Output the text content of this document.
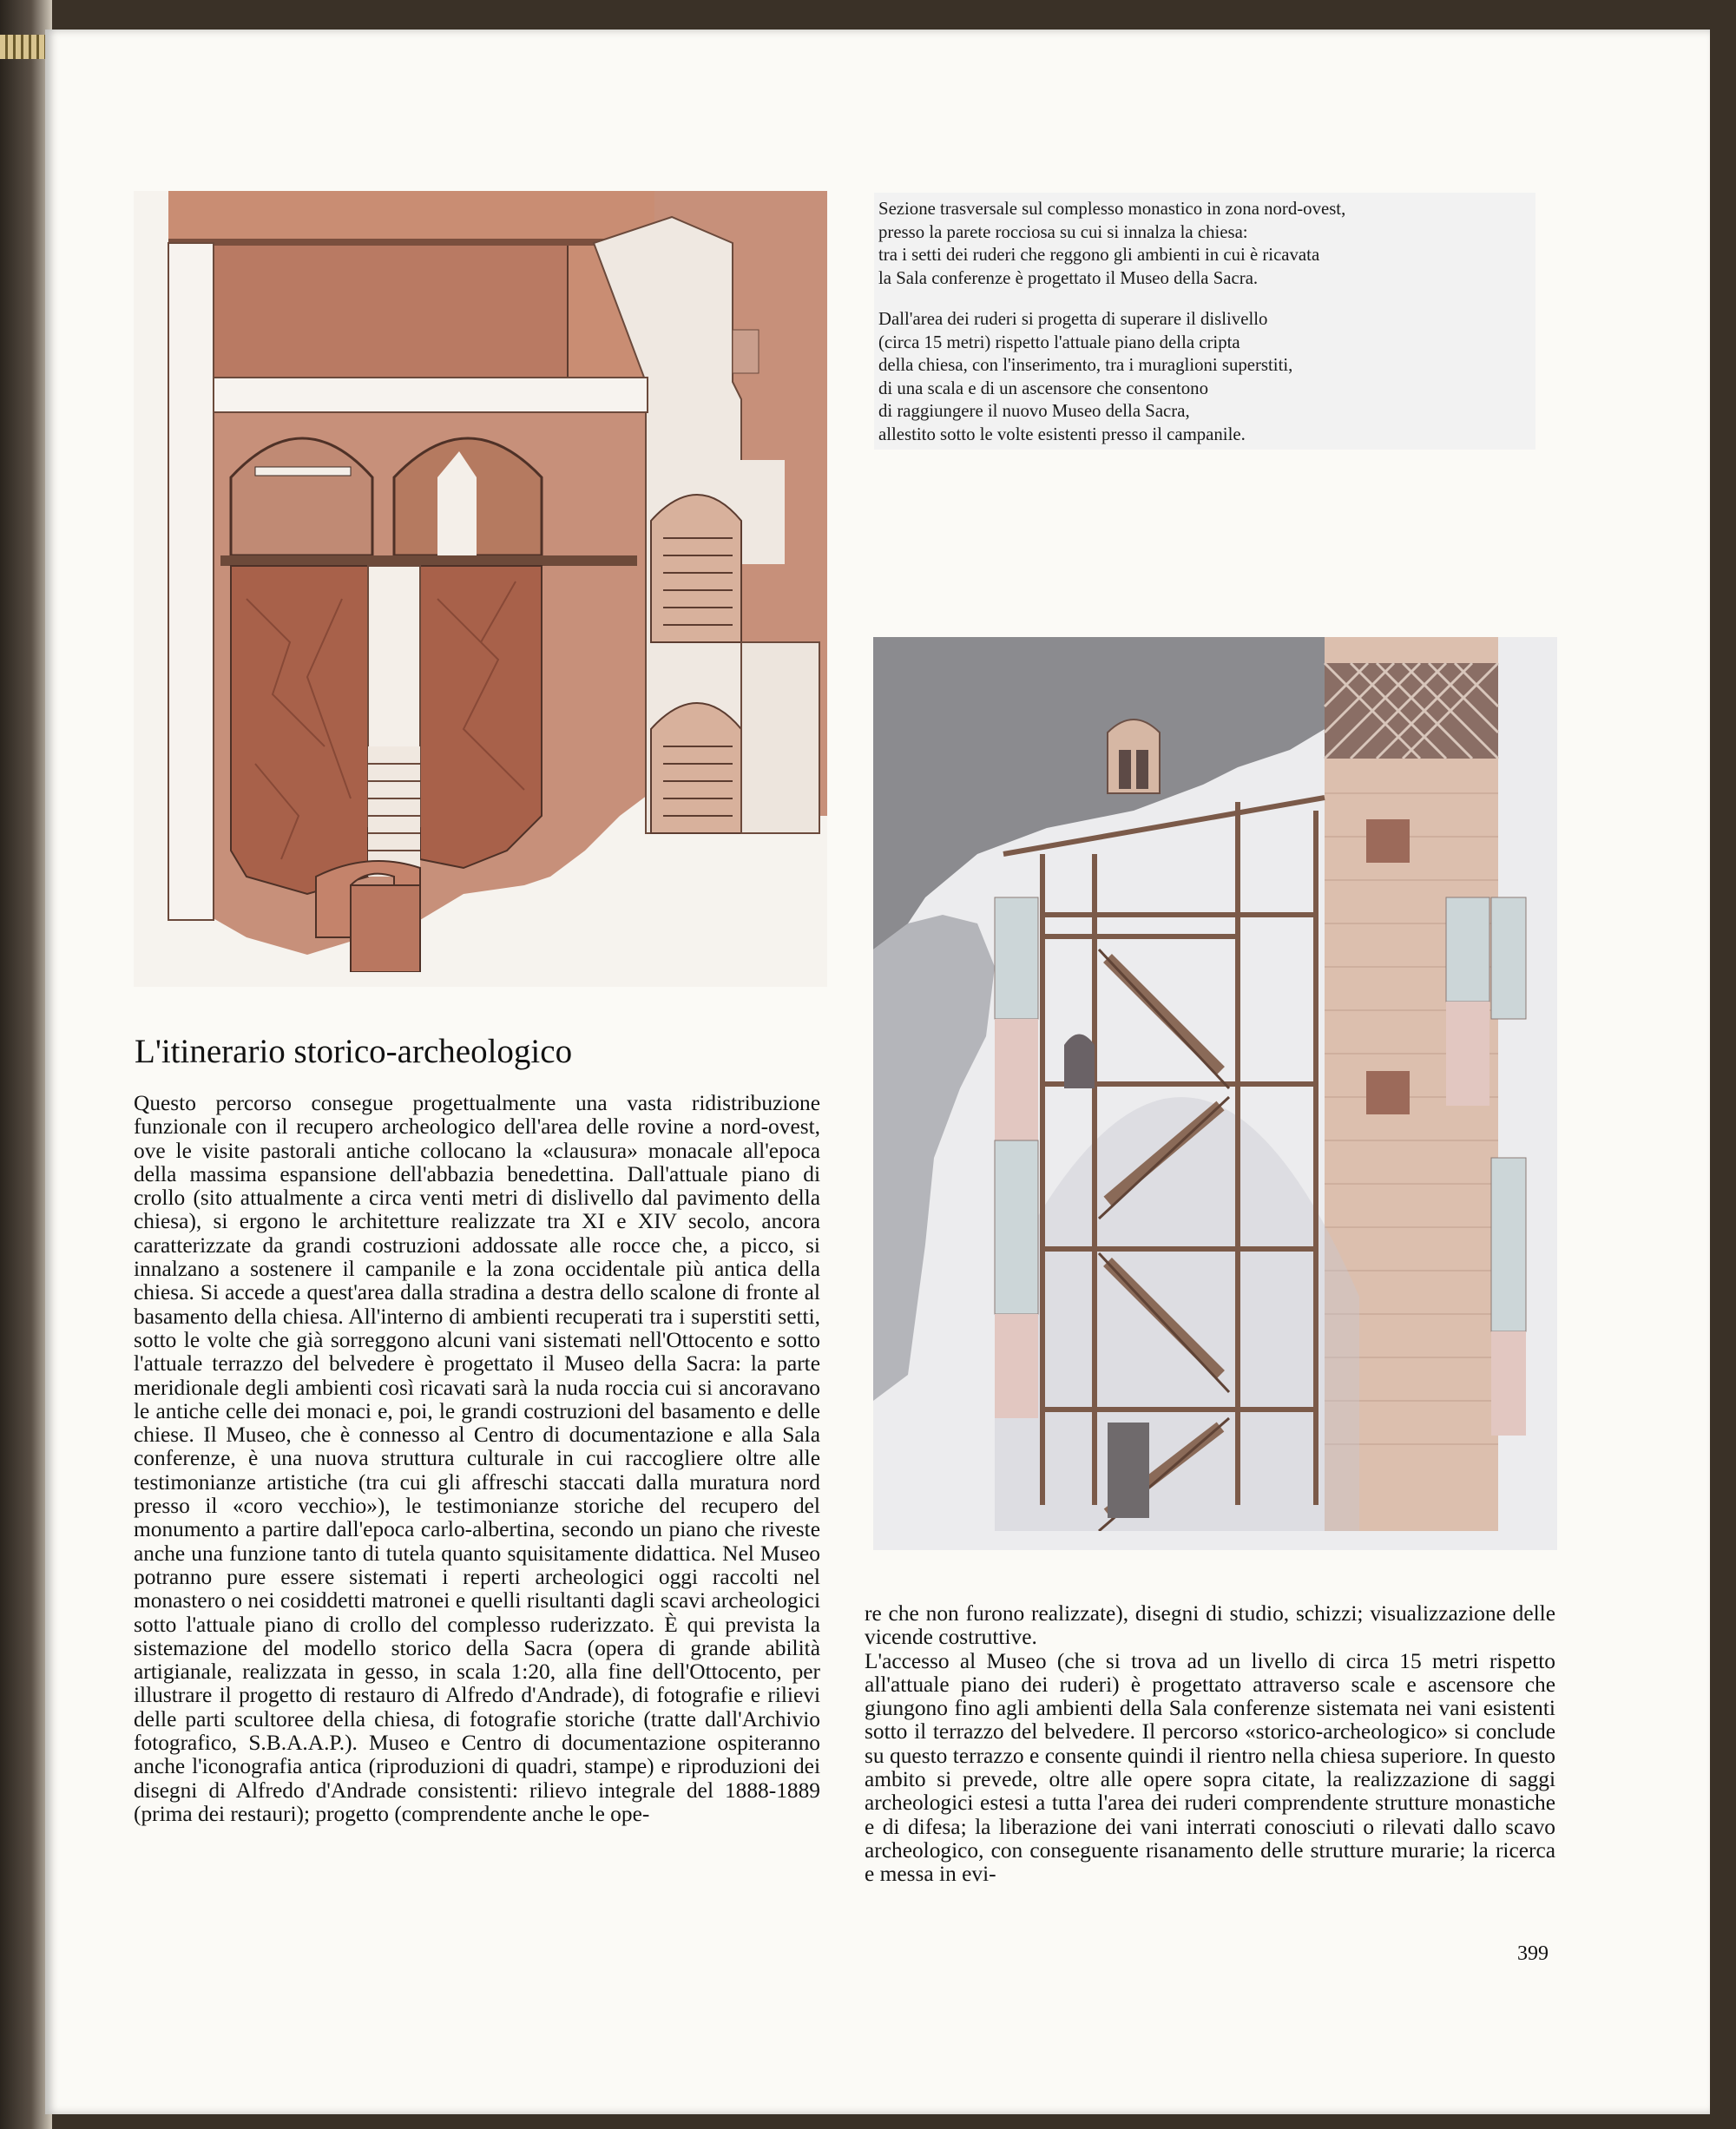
Sezione trasversale sul complesso monastico in zona nord-ovest,
presso la parete rocciosa su cui si innalza la chiesa:
tra i setti dei ruderi che reggono gli ambienti in cui è ricavata
la Sala conferenze è progettato il Museo della Sacra.

Dall'area dei ruderi si progetta di superare il dislivello
(circa 15 metri) rispetto l'attuale piano della cripta
della chiesa, con l'inserimento, tra i muraglioni superstiti,
di una scala e di un ascensore che consentono
di raggiungere il nuovo Museo della Sacra,
allestito sotto le volte esistenti presso il campanile.

L'itinerario storico-archeologico

Questo percorso consegue progettualmente una vasta ridistribuzione funzionale con il recupero archeologico dell'area delle rovine a nord-ovest, ove le visite pastorali antiche collocano la «clausura» monacale all'epoca della massima espansione dell'abbazia benedettina. Dall'attuale piano di crollo (sito attualmente a circa venti metri di dislivello dal pavimento della chiesa), si ergono le architetture realizzate tra XI e XIV secolo, ancora caratterizzate da grandi costruzioni addossate alle rocce che, a picco, si innalzano a sostenere il campanile e la zona occidentale più antica della chiesa. Si accede a quest'area dalla stradina a destra dello scalone di fronte al basamento della chiesa. All'interno di ambienti recuperati tra i superstiti setti, sotto le volte che già sorreggono alcuni vani sistemati nell'Ottocento e sotto l'attuale terrazzo del belvedere è progettato il Museo della Sacra: la parte meridionale degli ambienti così ricavati sarà la nuda roccia cui si ancoravano le antiche celle dei monaci e, poi, le grandi costruzioni del basamento e delle chiese. Il Museo, che è connesso al Centro di documentazione e alla Sala conferenze, è una nuova struttura culturale in cui raccogliere oltre alle testimonianze artistiche (tra cui gli affreschi staccati dalla muratura nord presso il «coro vecchio»), le testimonianze storiche del recupero del monumento a partire dall'epoca carlo-albertina, secondo un piano che riveste anche una funzione tanto di tutela quanto squisitamente didattica. Nel Museo potranno pure essere sistemati i reperti archeologici oggi raccolti nel monastero o nei cosiddetti matronei e quelli risultanti dagli scavi archeologici sotto l'attuale piano di crollo del complesso ruderizzato. È qui prevista la sistemazione del modello storico della Sacra (opera di grande abilità artigianale, realizzata in gesso, in scala 1:20, alla fine dell'Ottocento, per illustrare il progetto di restauro di Alfredo d'Andrade), di fotografie e rilievi delle parti scultoree della chiesa, di fotografie storiche (tratte dall'Archivio fotografico, S.B.A.A.P.). Museo e Centro di documentazione ospiteranno anche l'iconografia antica (riproduzioni di quadri, stampe) e riproduzioni dei disegni di Alfredo d'Andrade consistenti: rilievo integrale del 1888-1889 (prima dei restauri); progetto (comprendente anche le ope-

re che non furono realizzate), disegni di studio, schizzi; visualizzazione delle vicende costruttive.

L'accesso al Museo (che si trova ad un livello di circa 15 metri rispetto all'attuale piano dei ruderi) è progettato attraverso scale e ascensore che giungono fino agli ambienti della Sala conferenze sistemata nei vani esistenti sotto il terrazzo del belvedere. Il percorso «storico-archeologico» si conclude su questo terrazzo e consente quindi il rientro nella chiesa superiore. In questo ambito si prevede, oltre alle opere sopra citate, la realizzazione di saggi archeologici estesi a tutta l'area dei ruderi comprendente strutture monastiche e di difesa; la liberazione dei vani interrati conosciuti o rilevati dallo scavo archeologico, con conseguente risanamento delle strutture murarie; la ricerca e messa in evi-

399
